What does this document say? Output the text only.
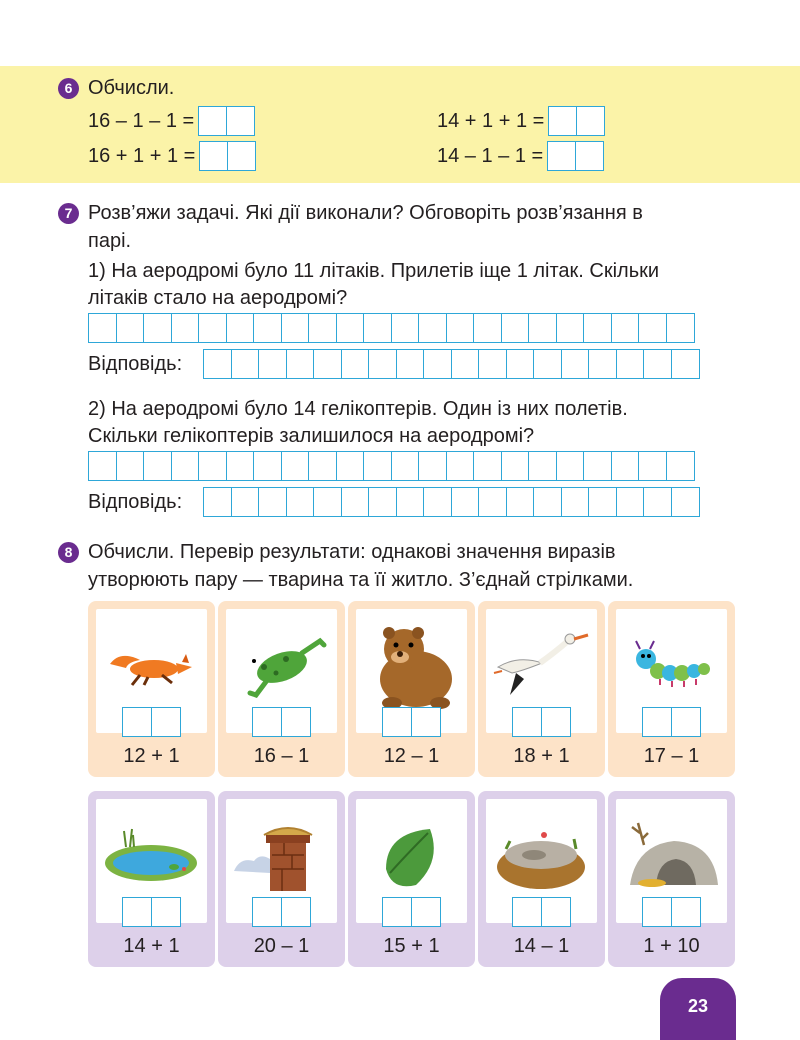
6 Обчисли.
16 – 1 – 1 =
16 + 1 + 1 =
14 + 1 + 1 =
14 – 1 – 1 =
7 Розв’яжи задачі. Які дії виконали? Обговоріть розв’язання в
парі.
1) На аеродромі було 11 літаків. Прилетів іще 1 літак. Скільки
літаків стало на аеродромі?
Відповідь:
2) На аеродромі було 14 гелікоптерів. Один із них полетів.
Скільки гелікоптерів залишилося на аеродромі?
Відповідь:
8 Обчисли. Перевір результати: однакові значення виразів
утворюють пару — тварина та її житло. З’єднай стрілками.
12 + 1	16 – 1	12 – 1	18 + 1	17 – 1
14 + 1	20 – 1	15 + 1	14 – 1	1 + 10
23
